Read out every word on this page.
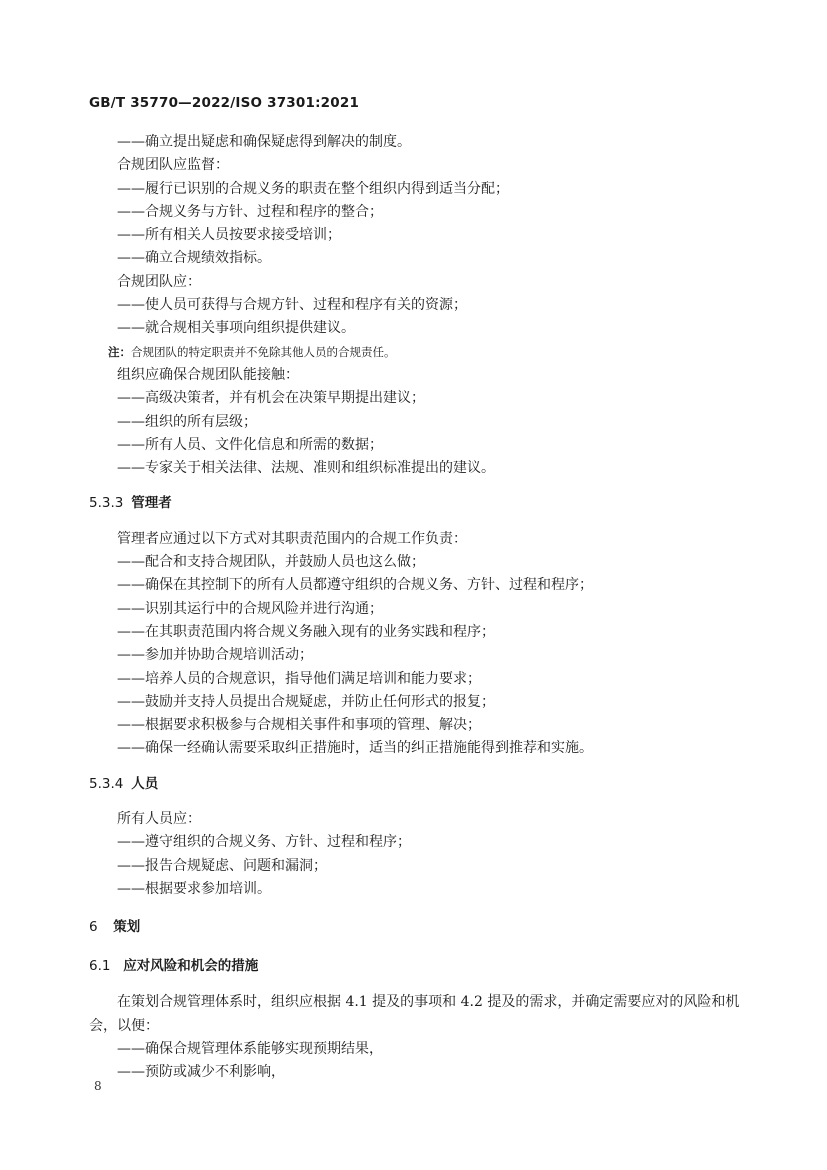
GB/T 35770—2022/ISO 37301:2021
——确立提出疑虑和确保疑虑得到解决的制度。
合规团队应监督：
——履行已识别的合规义务的职责在整个组织内得到适当分配；
——合规义务与方针、过程和程序的整合；
——所有相关人员按要求接受培训；
——确立合规绩效指标。
合规团队应：
——使人员可获得与合规方针、过程和程序有关的资源；
——就合规相关事项向组织提供建议。
注：合规团队的特定职责并不免除其他人员的合规责任。
组织应确保合规团队能接触：
——高级决策者，并有机会在决策早期提出建议；
——组织的所有层级；
——所有人员、文件化信息和所需的数据；
——专家关于相关法律、法规、准则和组织标准提出的建议。
5.3.3 管理者
管理者应通过以下方式对其职责范围内的合规工作负责：
——配合和支持合规团队，并鼓励人员也这么做；
——确保在其控制下的所有人员都遵守组织的合规义务、方针、过程和程序；
——识别其运行中的合规风险并进行沟通；
——在其职责范围内将合规义务融入现有的业务实践和程序；
——参加并协助合规培训活动；
——培养人员的合规意识，指导他们满足培训和能力要求；
——鼓励并支持人员提出合规疑虑，并防止任何形式的报复；
——根据要求积极参与合规相关事件和事项的管理、解决；
——确保一经确认需要采取纠正措施时，适当的纠正措施能得到推荐和实施。
5.3.4 人员
所有人员应：
——遵守组织的合规义务、方针、过程和程序；
——报告合规疑虑、问题和漏洞；
——根据要求参加培训。
6 策划
6.1 应对风险和机会的措施
在策划合规管理体系时，组织应根据 4.1 提及的事项和 4.2 提及的需求，并确定需要应对的风险和机会，以便：
——确保合规管理体系能够实现预期结果，
——预防或减少不利影响，
8
